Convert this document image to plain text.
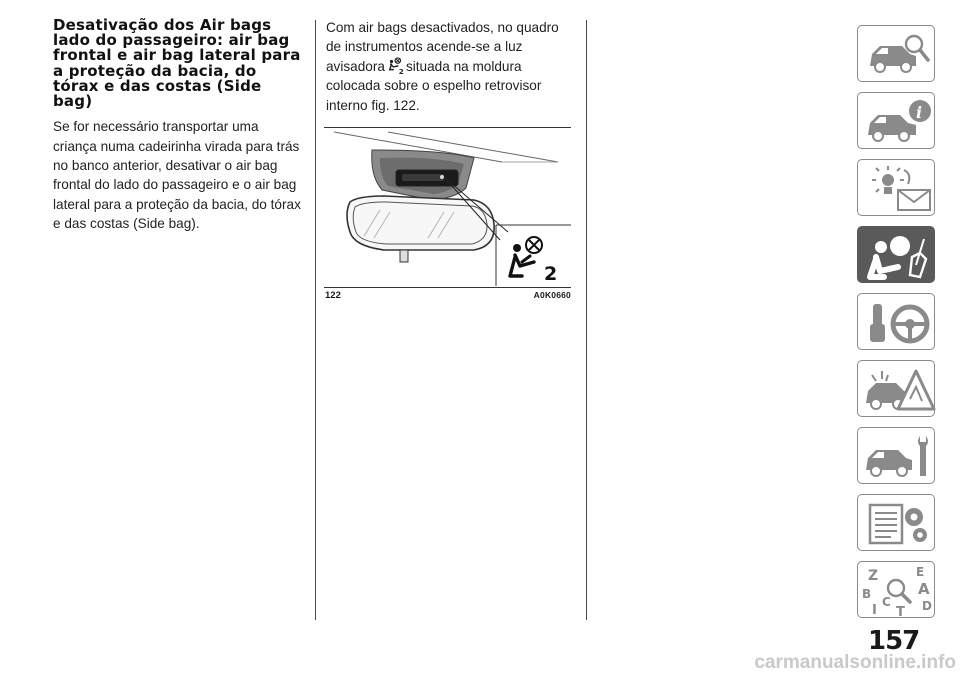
Desativação dos Air bags lado do passageiro: air bag frontal e air bag lateral para a proteção da bacia, do tórax e das costas (Side bag)

Se for necessário transportar uma criança numa cadeirinha virada para trás no banco anterior, desativar o air bag frontal do lado do passageiro e o air bag lateral para a proteção da bacia, do tórax e das costas (Side bag).

Com air bags desactivados, no quadro de instrumentos acende-se a luz avisadora 2 situada na moldura colocada sobre o espelho retrovisor interno fig. 122.

2
122	A0K0660
i
Z	E
B	A
C
I T D
157
carmanualsonline.info
